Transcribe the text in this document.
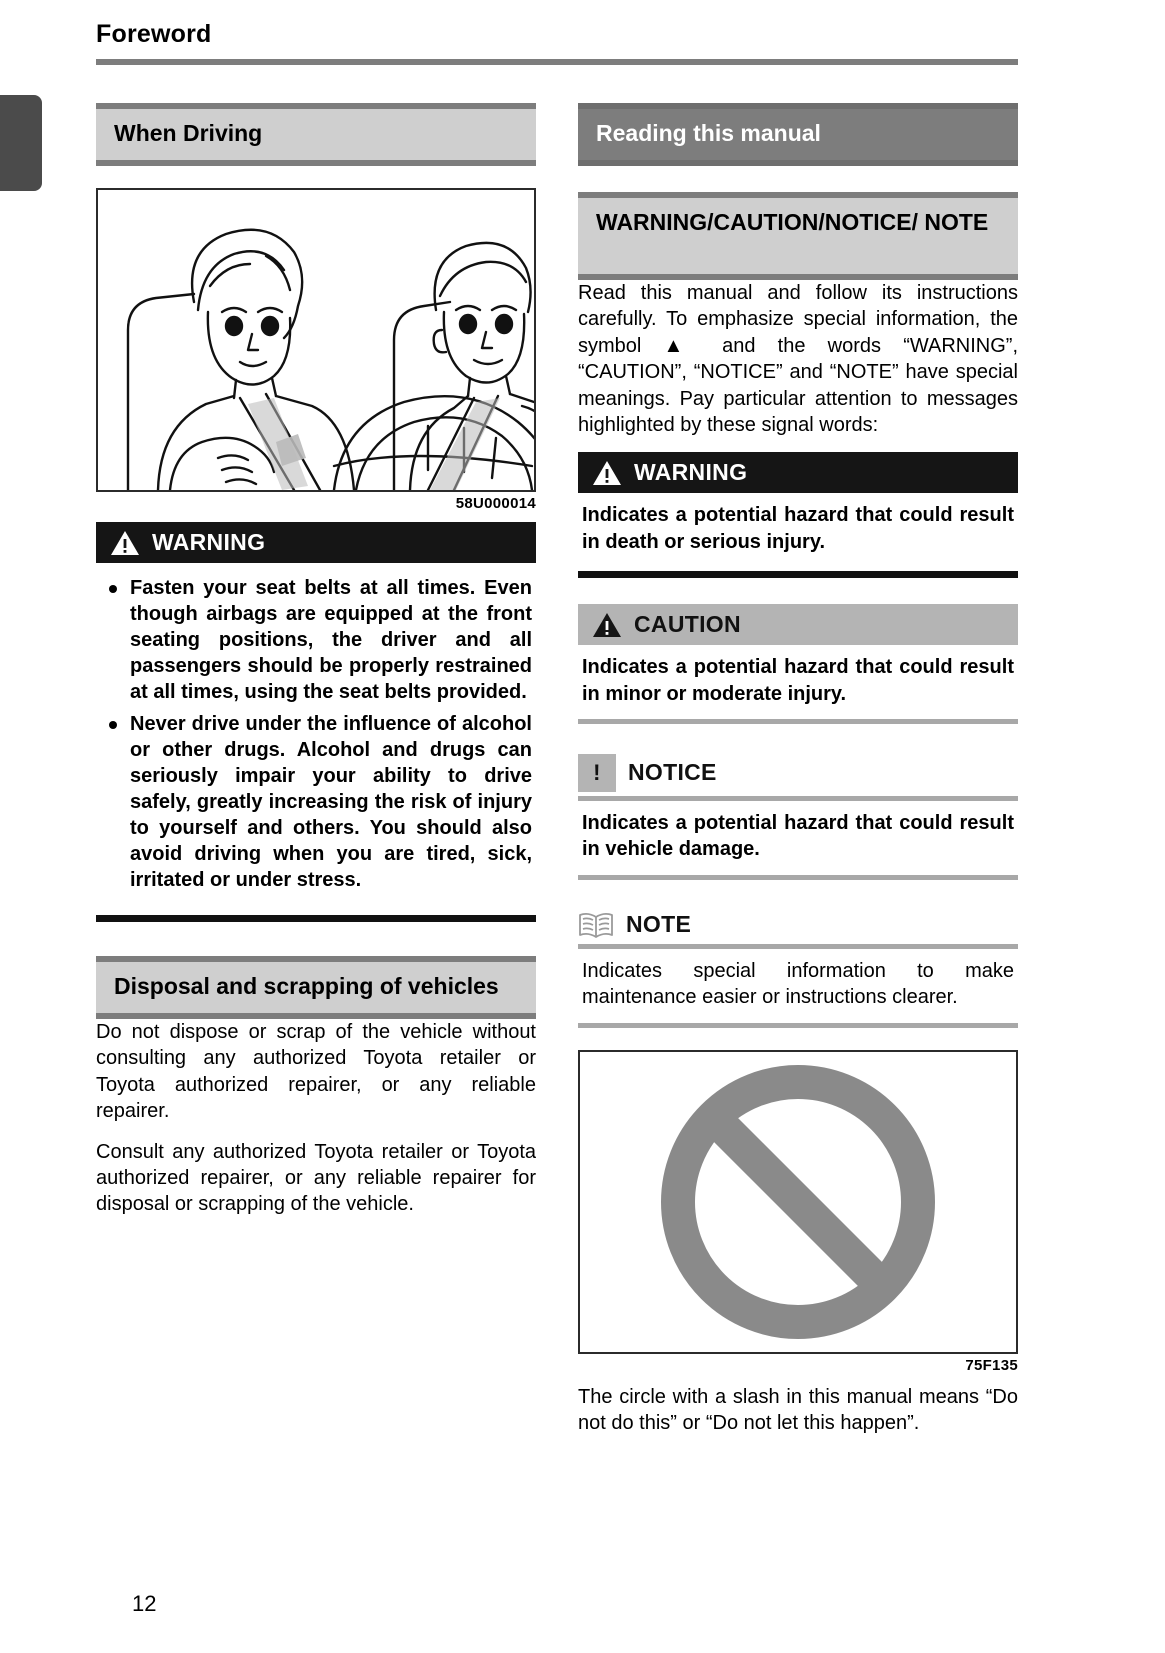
Foreword
When Driving
58U000014
WARNING
Fasten your seat belts at all times. Even though airbags are equipped at the front seating positions, the driver and all passengers should be properly restrained at all times, using the seat belts provided.
Never drive under the influence of alcohol or other drugs. Alcohol and drugs can seriously impair your ability to drive safely, greatly increasing the risk of injury to yourself and others. You should also avoid driving when you are tired, sick, irritated or under stress.
Disposal and scrapping of vehicles

Do not dispose or scrap of the vehicle without consulting any authorized Toyota retailer or Toyota authorized repairer, or any reliable repairer.

Consult any authorized Toyota retailer or Toyota authorized repairer, or any reliable repairer for disposal or scrapping of the vehicle.

Reading this manual
WARNING/CAUTION/NOTICE/ NOTE

Read this manual and follow its instructions carefully. To emphasize special information, the symbol ▲ and the words “WARNING”, “CAUTION”, “NOTICE” and “NOTE” have special meanings. Pay particular attention to messages highlighted by these signal words:

WARNING
Indicates a potential hazard that could result in death or serious injury.
CAUTION
Indicates a potential hazard that could result in minor or moderate injury.
!	NOTICE
Indicates a potential hazard that could result in vehicle damage.
NOTE
Indicates special information to make maintenance easier or instructions clearer.
75F135

The circle with a slash in this manual means “Do not do this” or “Do not let this happen”.

12
